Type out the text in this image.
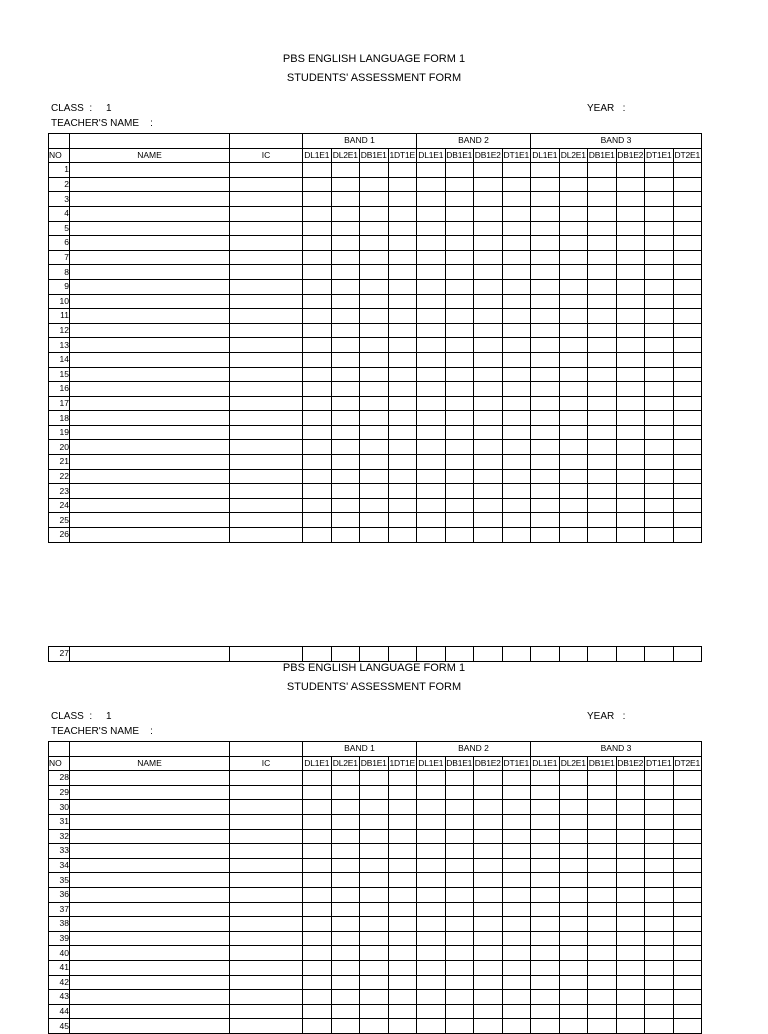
PBS ENGLISH LANGUAGE FORM 1
STUDENTS' ASSESSMENT FORM
CLASS  :     1	YEAR   :
TEACHER'S NAME    :
			BAND 1				BAND 2				BAND 3					
NO	NAME	IC	DL1E1	DL2E1	DB1E1	1DT1E	DL1E1	DB1E1	DB1E2	DT1E1	DL1E1	DL2E1	DB1E1	DB1E2	DT1E1	DT2E1
1																
2																
3																
4																
5																
6																
7																
8																
9																
10																
11																
12																
13																
14																
15																
16																
17																
18																
19																
20																
21																
22																
23																
24																
25																
26																
27																
PBS ENGLISH LANGUAGE FORM 1
STUDENTS' ASSESSMENT FORM
CLASS  :     1	YEAR   :
TEACHER'S NAME    :
			BAND 1				BAND 2				BAND 3					
NO	NAME	IC	DL1E1	DL2E1	DB1E1	1DT1E	DL1E1	DB1E1	DB1E2	DT1E1	DL1E1	DL2E1	DB1E1	DB1E2	DT1E1	DT2E1
28																
29																
30																
31																
32																
33																
34																
35																
36																
37																
38																
39																
40																
41																
42																
43																
44																
45																
